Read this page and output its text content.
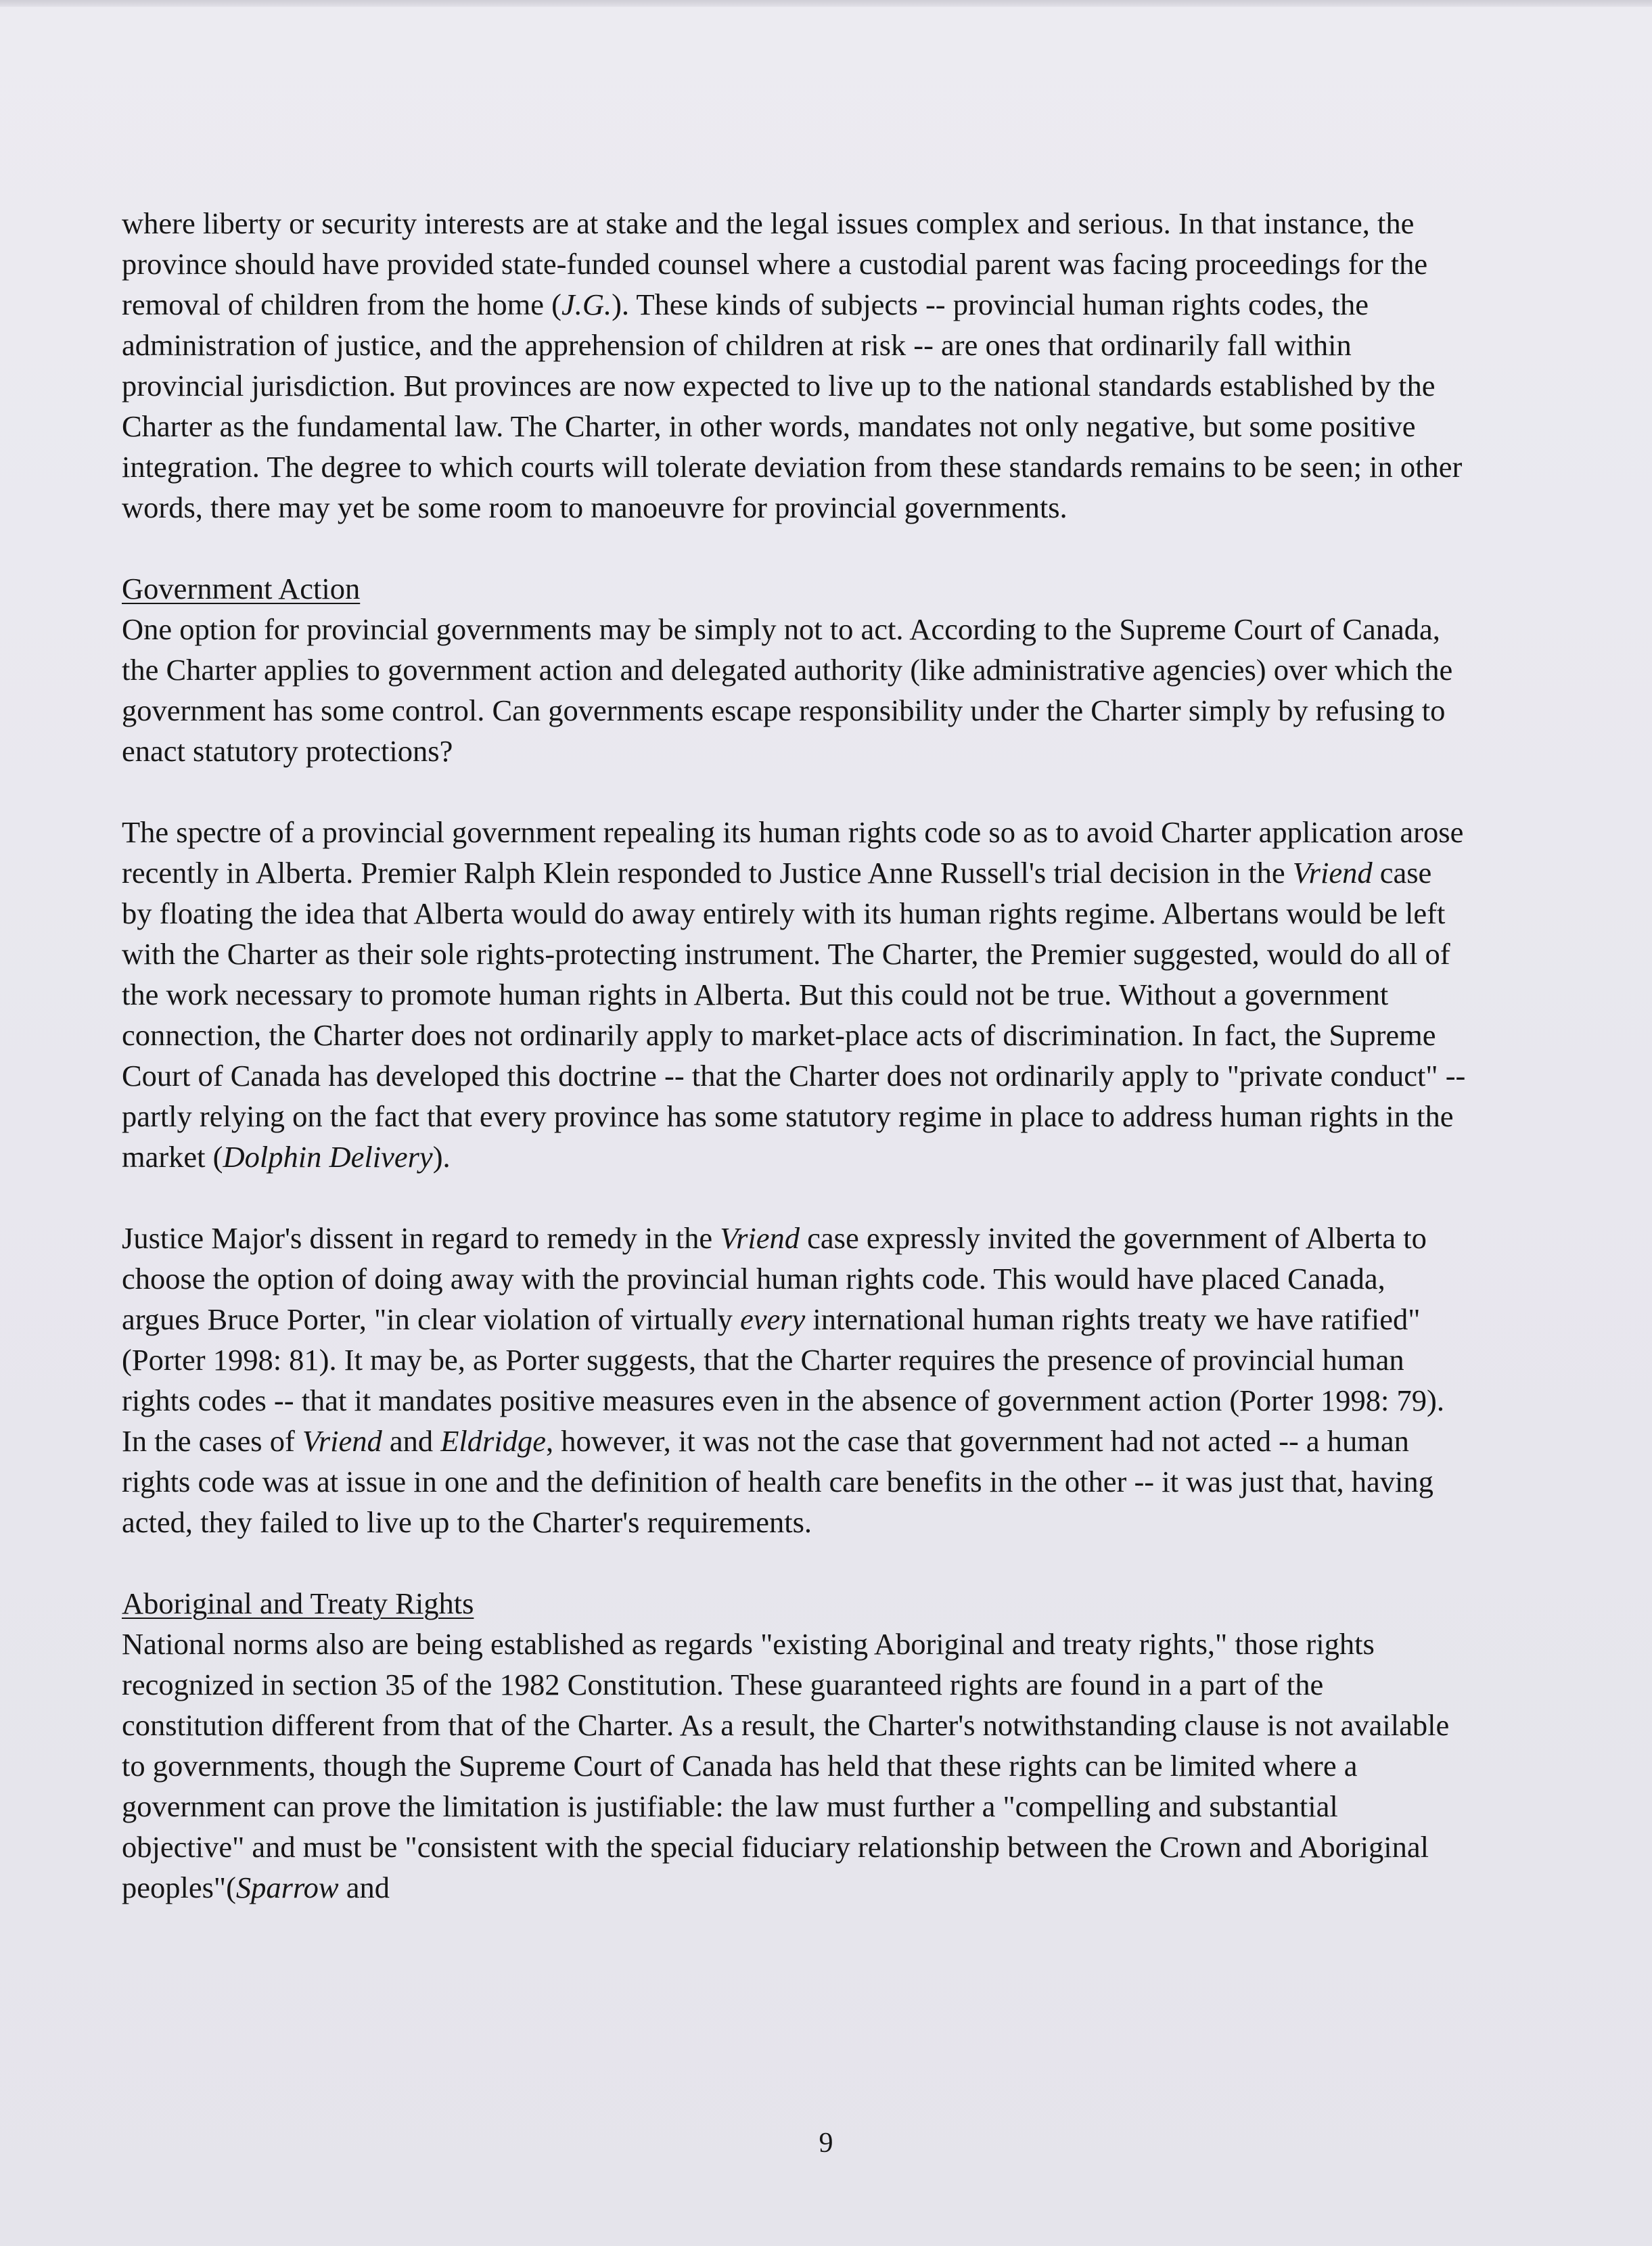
where liberty or security interests are at stake and the legal issues complex and serious. In that instance, the province should have provided state-funded counsel where a custodial parent was facing proceedings for the removal of children from the home (J.G.). These kinds of subjects -- provincial human rights codes, the administration of justice, and the apprehension of children at risk -- are ones that ordinarily fall within provincial jurisdiction. But provinces are now expected to live up to the national standards established by the Charter as the fundamental law. The Charter, in other words, mandates not only negative, but some positive integration. The degree to which courts will tolerate deviation from these standards remains to be seen; in other words, there may yet be some room to manoeuvre for provincial governments.

Government Action

One option for provincial governments may be simply not to act. According to the Supreme Court of Canada, the Charter applies to government action and delegated authority (like administrative agencies) over which the government has some control. Can governments escape responsibility under the Charter simply by refusing to enact statutory protections?

The spectre of a provincial government repealing its human rights code so as to avoid Charter application arose recently in Alberta. Premier Ralph Klein responded to Justice Anne Russell's trial decision in the Vriend case by floating the idea that Alberta would do away entirely with its human rights regime. Albertans would be left with the Charter as their sole rights-protecting instrument. The Charter, the Premier suggested, would do all of the work necessary to promote human rights in Alberta. But this could not be true. Without a government connection, the Charter does not ordinarily apply to market-place acts of discrimination. In fact, the Supreme Court of Canada has developed this doctrine -- that the Charter does not ordinarily apply to "private conduct" -- partly relying on the fact that every province has some statutory regime in place to address human rights in the market (Dolphin Delivery).

Justice Major's dissent in regard to remedy in the Vriend case expressly invited the government of Alberta to choose the option of doing away with the provincial human rights code. This would have placed Canada, argues Bruce Porter, "in clear violation of virtually every international human rights treaty we have ratified" (Porter 1998: 81). It may be, as Porter suggests, that the Charter requires the presence of provincial human rights codes -- that it mandates positive measures even in the absence of government action (Porter 1998: 79). In the cases of Vriend and Eldridge, however, it was not the case that government had not acted -- a human rights code was at issue in one and the definition of health care benefits in the other -- it was just that, having acted, they failed to live up to the Charter's requirements.

Aboriginal and Treaty Rights

National norms also are being established as regards "existing Aboriginal and treaty rights," those rights recognized in section 35 of the 1982 Constitution. These guaranteed rights are found in a part of the constitution different from that of the Charter. As a result, the Charter's notwithstanding clause is not available to governments, though the Supreme Court of Canada has held that these rights can be limited where a government can prove the limitation is justifiable: the law must further a "compelling and substantial objective" and must be "consistent with the special fiduciary relationship between the Crown and Aboriginal peoples"(Sparrow and

9
